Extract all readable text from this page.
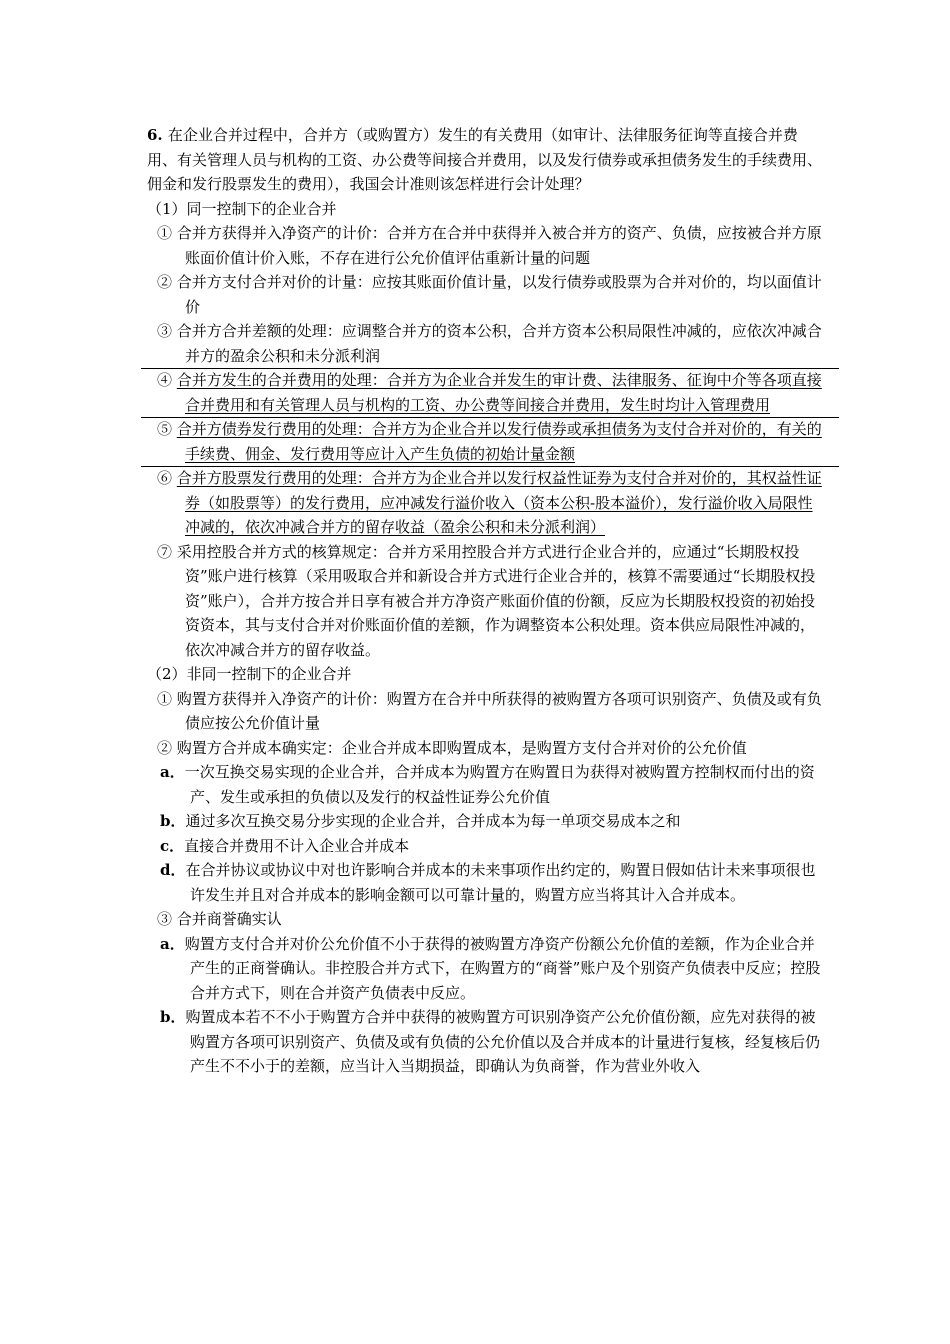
6. 在企业合并过程中，合并方（或购置方）发生的有关费用（如审计、法律服务征询等直接合并费用、有关管理人员与机构的工资、办公费等间接合并费用，以及发行债券或承担债务发生的手续费用、佣金和发行股票发生的费用），我国会计准则该怎样进行会计处理？

（1）同一控制下的企业合并

① 合并方获得并入净资产的计价：合并方在合并中获得并入被合并方的资产、负债，应按被合并方原账面价值计价入账，不存在进行公允价值评估重新计量的问题

② 合并方支付合并对价的计量：应按其账面价值计量，以发行债券或股票为合并对价的，均以面值计价

③ 合并方合并差额的处理：应调整合并方的资本公积，合并方资本公积局限性冲减的，应依次冲减合并方的盈余公积和未分派利润

④ 合并方发生的合并费用的处理：合并方为企业合并发生的审计费、法律服务、征询中介等各项直接合并费用和有关管理人员与机构的工资、办公费等间接合并费用，发生时均计入管理费用

⑤ 合并方债券发行费用的处理：合并方为企业合并以发行债券或承担债务为支付合并对价的，有关的手续费、佣金、发行费用等应计入产生负债的初始计量金额

⑥ 合并方股票发行费用的处理：合并方为企业合并以发行权益性证券为支付合并对价的，其权益性证券（如股票等）的发行费用，应冲减发行溢价收入（资本公积-股本溢价），发行溢价收入局限性冲减的，依次冲减合并方的留存收益（盈余公积和未分派利润）

⑦ 采用控股合并方式的核算规定：合并方采用控股合并方式进行企业合并的，应通过“长期股权投资”账户进行核算（采用吸取合并和新设合并方式进行企业合并的，核算不需要通过“长期股权投资”账户），合并方按合并日享有被合并方净资产账面价值的份额，反应为长期股权投资的初始投资资本，其与支付合并对价账面价值的差额，作为调整资本公积处理。资本供应局限性冲减的，依次冲减合并方的留存收益。

（2）非同一控制下的企业合并

① 购置方获得并入净资产的计价：购置方在合并中所获得的被购置方各项可识别资产、负债及或有负债应按公允价值计量

② 购置方合并成本确实定：企业合并成本即购置成本，是购置方支付合并对价的公允价值

a．一次互换交易实现的企业合并，合并成本为购置方在购置日为获得对被购置方控制权而付出的资产、发生或承担的负债以及发行的权益性证券公允价值

b．通过多次互换交易分步实现的企业合并，合并成本为每一单项交易成本之和

c．直接合并费用不计入企业合并成本

d．在合并协议或协议中对也许影响合并成本的未来事项作出约定的，购置日假如估计未来事项很也许发生并且对合并成本的影响金额可以可靠计量的，购置方应当将其计入合并成本。

③ 合并商誉确实认

a．购置方支付合并对价公允价值不小于获得的被购置方净资产份额公允价值的差额，作为企业合并产生的正商誉确认。非控股合并方式下，在购置方的“商誉”账户及个别资产负债表中反应；控股合并方式下，则在合并资产负债表中反应。

b．购置成本若不不小于购置方合并中获得的被购置方可识别净资产公允价值份额，应先对获得的被购置方各项可识别资产、负债及或有负债的公允价值以及合并成本的计量进行复核，经复核后仍产生不不小于的差额，应当计入当期损益，即确认为负商誉，作为营业外收入
